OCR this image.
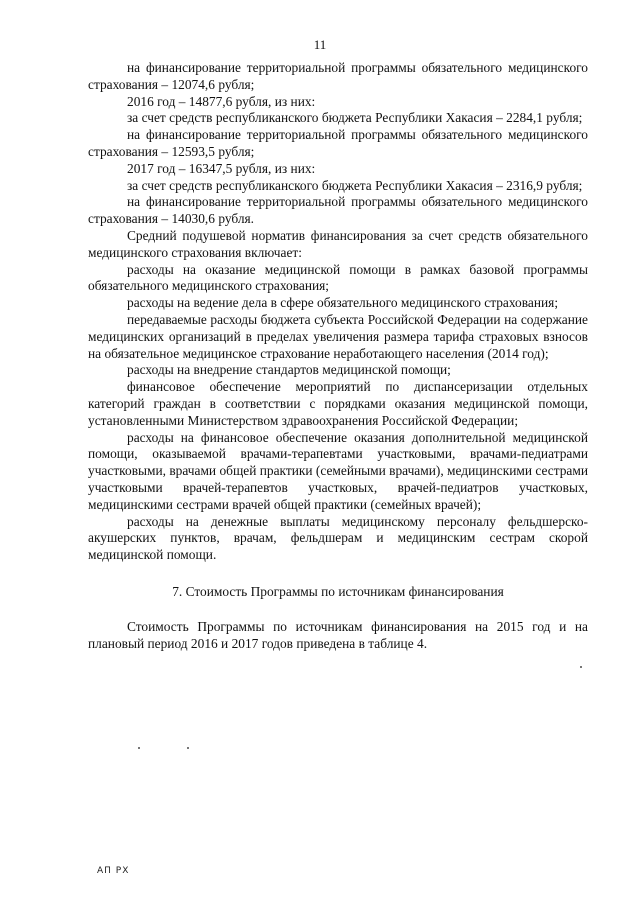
11

на финансирование территориальной программы обязательного медицинского страхования – 12074,6 рубля;

2016 год – 14877,6 рубля, из них:

за счет средств республиканского бюджета Республики Хакасия – 2284,1 рубля;

на финансирование территориальной программы обязательного медицинского страхования – 12593,5 рубля;

2017 год – 16347,5 рубля, из них:

за счет средств республиканского бюджета Республики Хакасия – 2316,9 рубля;

на финансирование территориальной программы обязательного медицинского страхования – 14030,6 рубля.

Средний подушевой норматив финансирования за счет средств обязательного медицинского страхования включает:

расходы на оказание медицинской помощи в рамках базовой программы обязательного медицинского страхования;

расходы на ведение дела в сфере обязательного медицинского страхования;

передаваемые расходы бюджета субъекта Российской Федерации на содержание медицинских организаций в пределах увеличения размера тарифа страховых взносов на обязательное медицинское страхование неработающего населения (2014 год);

расходы на внедрение стандартов медицинской помощи;

финансовое обеспечение мероприятий по диспансеризации отдельных категорий граждан в соответствии с порядками оказания медицинской помощи, установленными Министерством здравоохранения Российской Федерации;

расходы на финансовое обеспечение оказания дополнительной медицинской помощи, оказываемой врачами-терапевтами участковыми, врачами-педиатрами участковыми, врачами общей практики (семейными врачами), медицинскими сестрами участковыми врачей-терапевтов участковых, врачей-педиатров участковых, медицинскими сестрами врачей общей практики (семейных врачей);

расходы на денежные выплаты медицинскому персоналу фельдшерско-акушерских пунктов, врачам, фельдшерам и медицинским сестрам скорой медицинской помощи.

7. Стоимость Программы по источникам финансирования

Стоимость Программы по источникам финансирования на 2015 год и на плановый период 2016 и 2017 годов приведена в таблице 4.

АП РХ
